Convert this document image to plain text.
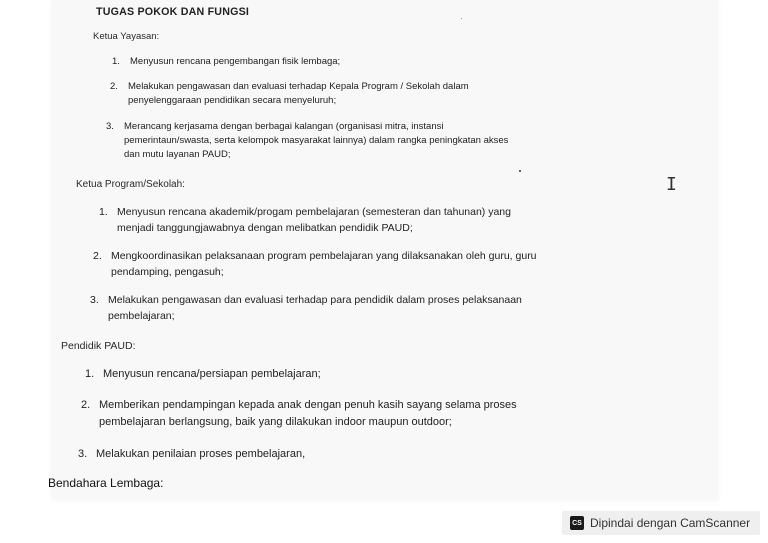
TUGAS POKOK DAN FUNGSI
Ketua Yayasan:
1. Menyusun rencana pengembangan fisik lembaga;
2. Melakukan pengawasan dan evaluasi terhadap Kepala Program / Sekolah dalam
penyelenggaraan pendidikan secara menyeluruh;
3. Merancang kerjasama dengan berbagai kalangan (organisasi mitra, instansi
pemerintaun/swasta, serta kelompok masyarakat lainnya) dalam rangka peningkatan akses
dan mutu layanan PAUD;
Ketua Program/Sekolah:
1. Menyusun rencana akademik/progam pembelajaran (semesteran dan tahunan) yang
menjadi tanggungjawabnya dengan melibatkan pendidik PAUD;
2. Mengkoordinasikan pelaksanaan program pembelajaran yang dilaksanakan oleh guru, guru
pendamping, pengasuh;
3. Melakukan pengawasan dan evaluasi terhadap para pendidik dalam proses pelaksanaan
pembelajaran;
Pendidik PAUD:
1. Menyusun rencana/persiapan pembelajaran;
2. Memberikan pendampingan kepada anak dengan penuh kasih sayang selama proses
pembelajaran berlangsung, baik yang dilakukan indoor maupun outdoor;
3. Melakukan penilaian proses pembelajaran,
Bendahara Lembaga:
I
CS Dipindai dengan CamScanner
